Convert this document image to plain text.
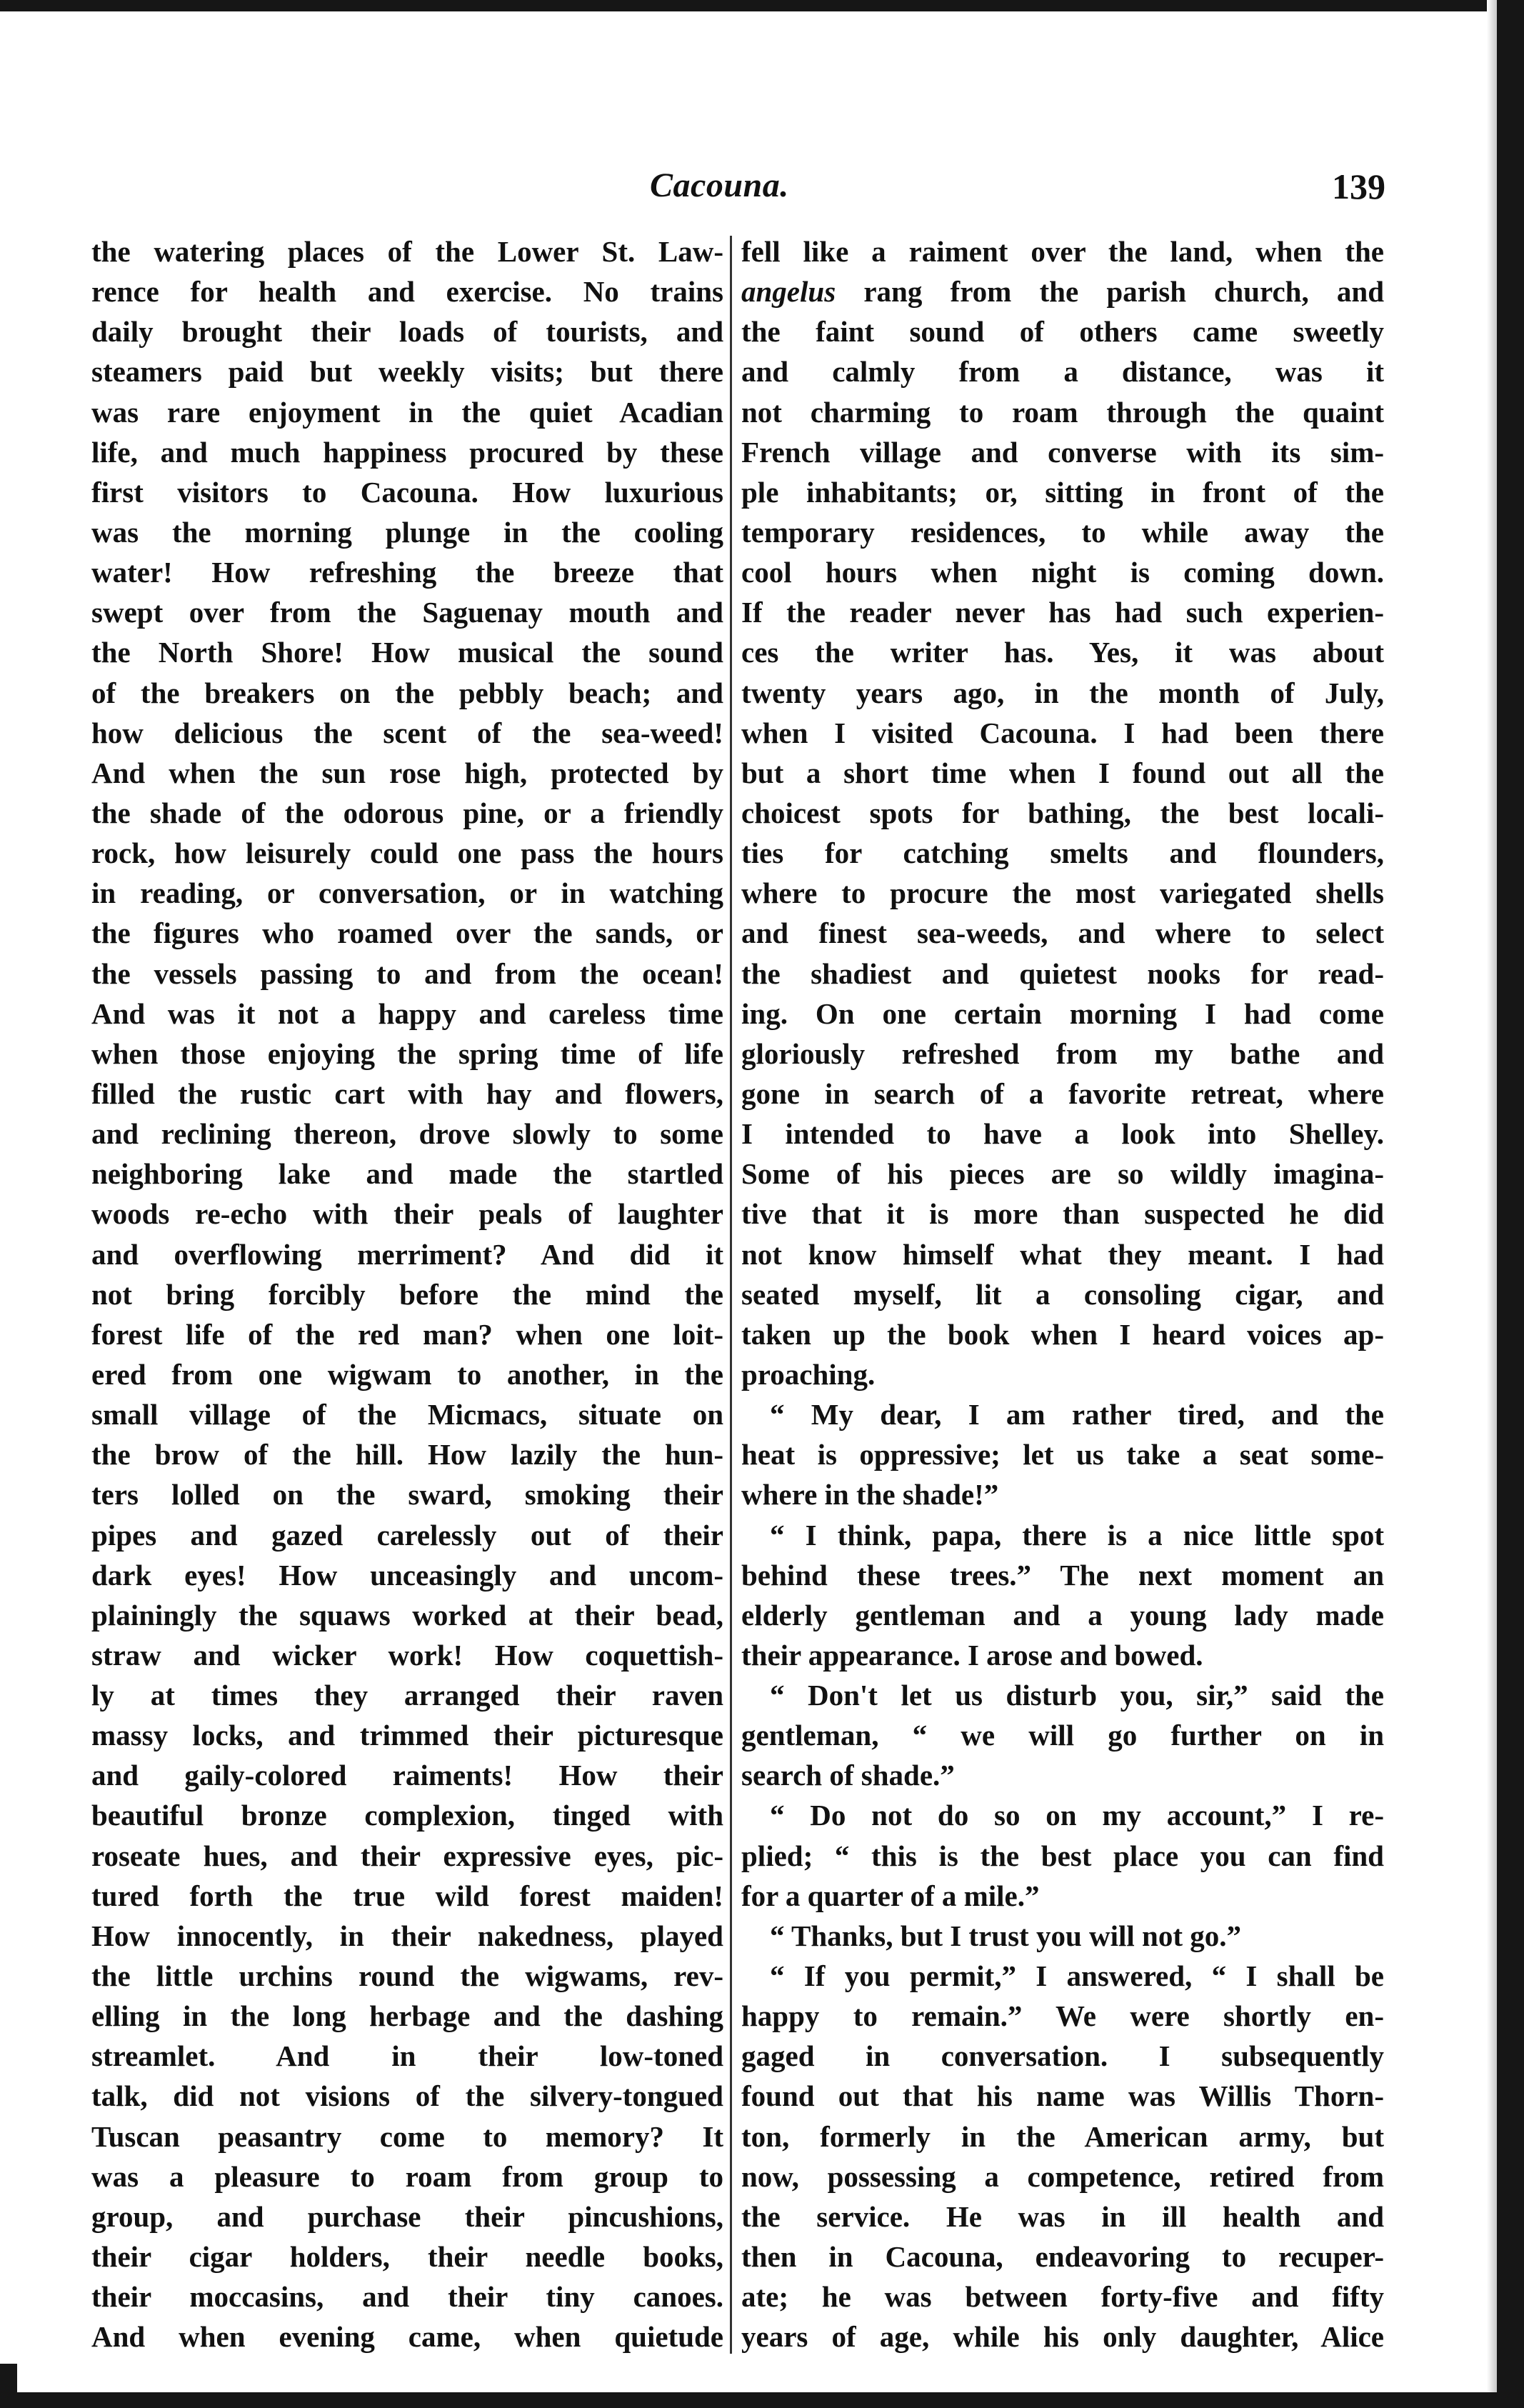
Cacouna.	139
the watering places of the Lower St. Law-
rence for health and exercise. No trains
daily brought their loads of tourists, and
steamers paid but weekly visits; but there
was rare enjoyment in the quiet Acadian
life, and much happiness procured by these
first visitors to Cacouna. How luxurious
was the morning plunge in the cooling
water! How refreshing the breeze that
swept over from the Saguenay mouth and
the North Shore! How musical the sound
of the breakers on the pebbly beach; and
how delicious the scent of the sea-weed!
And when the sun rose high, protected by
the shade of the odorous pine, or a friendly
rock, how leisurely could one pass the hours
in reading, or conversation, or in watching
the figures who roamed over the sands, or
the vessels passing to and from the ocean!
And was it not a happy and careless time
when those enjoying the spring time of life
filled the rustic cart with hay and flowers,
and reclining thereon, drove slowly to some
neighboring lake and made the startled
woods re-echo with their peals of laughter
and overflowing merriment? And did it
not bring forcibly before the mind the
forest life of the red man? when one loit-
ered from one wigwam to another, in the
small village of the Micmacs, situate on
the brow of the hill. How lazily the hun-
ters lolled on the sward, smoking their
pipes and gazed carelessly out of their
dark eyes! How unceasingly and uncom-
plainingly the squaws worked at their bead,
straw and wicker work! How coquettish-
ly at times they arranged their raven
massy locks, and trimmed their picturesque
and gaily-colored raiments! How their
beautiful bronze complexion, tinged with
roseate hues, and their expressive eyes, pic-
tured forth the true wild forest maiden!
How innocently, in their nakedness, played
the little urchins round the wigwams, rev-
elling in the long herbage and the dashing
streamlet. And in their low-toned
talk, did not visions of the silvery-tongued
Tuscan peasantry come to memory? It
was a pleasure to roam from group to
group, and purchase their pincushions,
their cigar holders, their needle books,
their moccasins, and their tiny canoes.
And when evening came, when quietude
fell like a raiment over the land, when the
angelus rang from the parish church, and
the faint sound of others came sweetly
and calmly from a distance, was it
not charming to roam through the quaint
French village and converse with its sim-
ple inhabitants; or, sitting in front of the
temporary residences, to while away the
cool hours when night is coming down.
If the reader never has had such experien-
ces the writer has. Yes, it was about
twenty years ago, in the month of July,
when I visited Cacouna. I had been there
but a short time when I found out all the
choicest spots for bathing, the best locali-
ties for catching smelts and flounders,
where to procure the most variegated shells
and finest sea-weeds, and where to select
the shadiest and quietest nooks for read-
ing. On one certain morning I had come
gloriously refreshed from my bathe and
gone in search of a favorite retreat, where
I intended to have a look into Shelley.
Some of his pieces are so wildly imagina-
tive that it is more than suspected he did
not know himself what they meant. I had
seated myself, lit a consoling cigar, and
taken up the book when I heard voices ap-
proaching.
“ My dear, I am rather tired, and the
heat is oppressive; let us take a seat some-
where in the shade!”
“ I think, papa, there is a nice little spot
behind these trees.” The next moment an
elderly gentleman and a young lady made
their appearance. I arose and bowed.
“ Don't let us disturb you, sir,” said the
gentleman, “ we will go further on in
search of shade.”
“ Do not do so on my account,” I re-
plied; “ this is the best place you can find
for a quarter of a mile.”
“ Thanks, but I trust you will not go.”
“ If you permit,” I answered, “ I shall be
happy to remain.” We were shortly en-
gaged in conversation. I subsequently
found out that his name was Willis Thorn-
ton, formerly in the American army, but
now, possessing a competence, retired from
the service. He was in ill health and
then in Cacouna, endeavoring to recuper-
ate; he was between forty-five and fifty
years of age, while his only daughter, Alice
